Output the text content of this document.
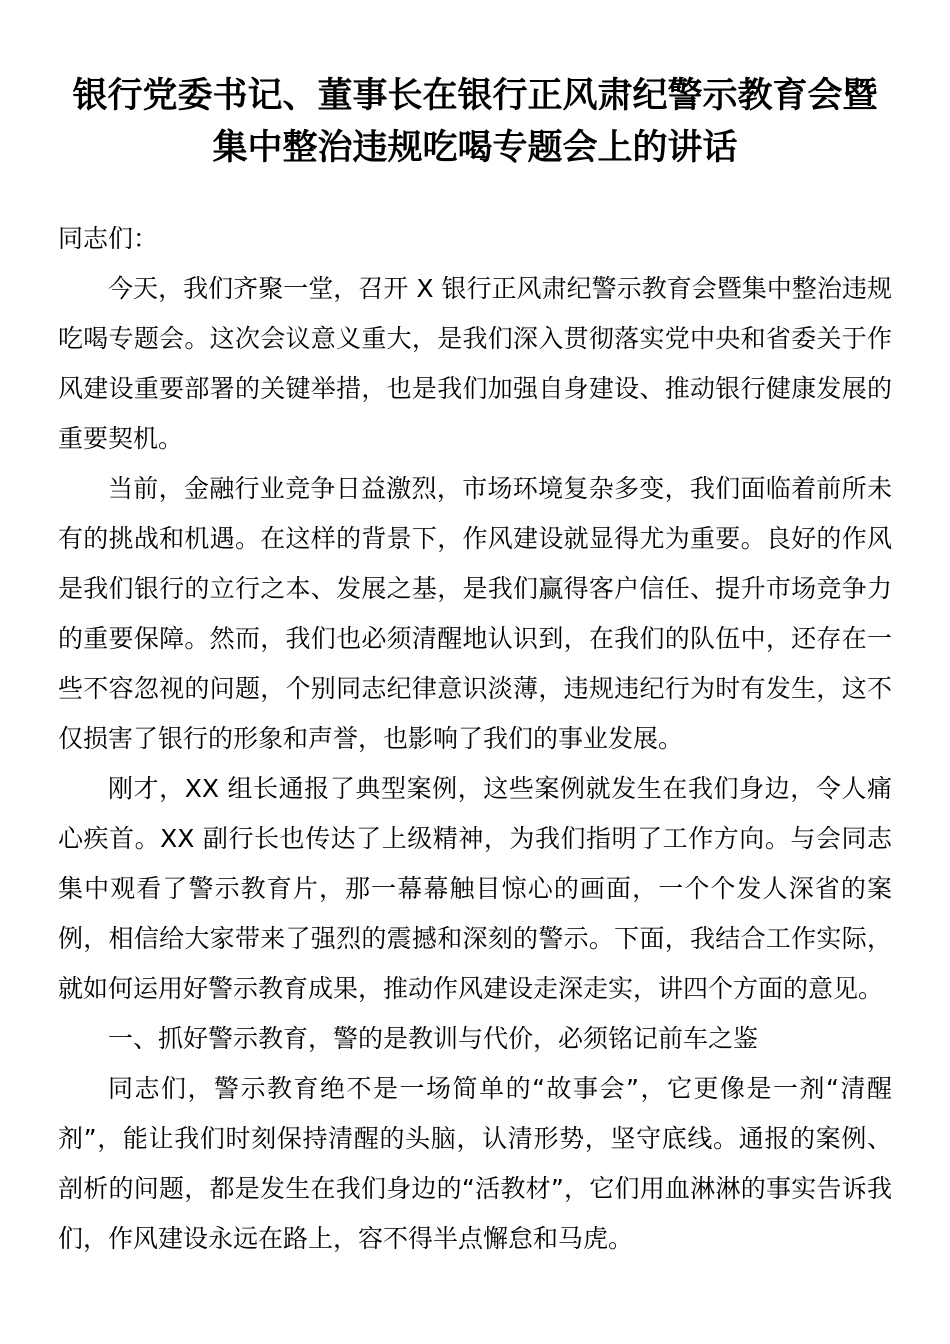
银行党委书记、董事长在银行正风肃纪警示教育会暨
集中整治违规吃喝专题会上的讲话

同志们：

今天，我们齐聚一堂，召开 X 银行正风肃纪警示教育会暨集中整治违规吃喝专题会。这次会议意义重大，是我们深入贯彻落实党中央和省委关于作风建设重要部署的关键举措，也是我们加强自身建设、推动银行健康发展的重要契机。

当前，金融行业竞争日益激烈，市场环境复杂多变，我们面临着前所未有的挑战和机遇。在这样的背景下，作风建设就显得尤为重要。良好的作风是我们银行的立行之本、发展之基，是我们赢得客户信任、提升市场竞争力的重要保障。然而，我们也必须清醒地认识到，在我们的队伍中，还存在一些不容忽视的问题，个别同志纪律意识淡薄，违规违纪行为时有发生，这不仅损害了银行的形象和声誉，也影响了我们的事业发展。

刚才，XX 组长通报了典型案例，这些案例就发生在我们身边，令人痛心疾首。XX 副行长也传达了上级精神，为我们指明了工作方向。与会同志集中观看了警示教育片，那一幕幕触目惊心的画面，一个个发人深省的案例，相信给大家带来了强烈的震撼和深刻的警示。下面，我结合工作实际，就如何运用好警示教育成果，推动作风建设走深走实，讲四个方面的意见。

一、抓好警示教育，警的是教训与代价，必须铭记前车之鉴

同志们，警示教育绝不是一场简单的“故事会”，它更像是一剂“清醒剂”，能让我们时刻保持清醒的头脑，认清形势，坚守底线。通报的案例、剖析的问题，都是发生在我们身边的“活教材”，它们用血淋淋的事实告诉我们，作风建设永远在路上，容不得半点懈怠和马虎。
